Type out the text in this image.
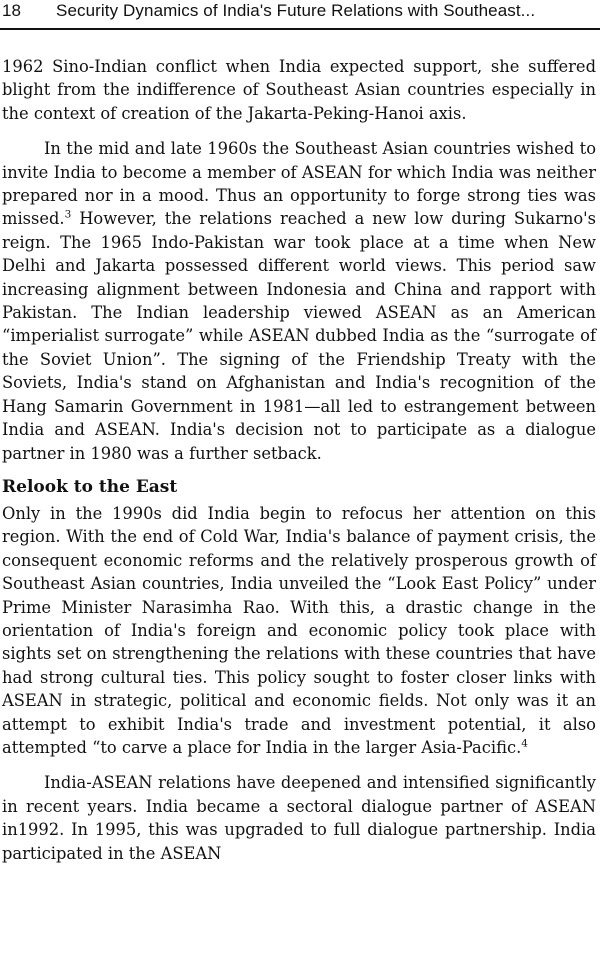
18 Security Dynamics of India's Future Relations with Southeast...

1962 Sino-Indian conflict when India expected support, she suffered blight from the indifference of Southeast Asian countries especially in the context of creation of the Jakarta-Peking-Hanoi axis.

In the mid and late 1960s the Southeast Asian countries wished to invite India to become a member of ASEAN for which India was neither prepared nor in a mood. Thus an opportunity to forge strong ties was missed.$^3$ However, the relations reached a new low during Sukarno's reign. The 1965 Indo-Pakistan war took place at a time when New Delhi and Jakarta possessed different world views. This period saw increasing alignment between Indonesia and China and rapport with Pakistan. The Indian leadership viewed ASEAN as an American “imperialist surrogate” while ASEAN dubbed India as the “surrogate of the Soviet Union”. The signing of the Friendship Treaty with the Soviets, India's stand on Afghanistan and India's recognition of the Hang Samarin Government in 1981—all led to estrangement between India and ASEAN. India's decision not to participate as a dialogue partner in 1980 was a further setback.

Relook to the East

Only in the 1990s did India begin to refocus her attention on this region. With the end of Cold War, India's balance of payment crisis, the consequent economic reforms and the relatively prosperous growth of Southeast Asian countries, India unveiled the “Look East Policy” under Prime Minister Narasimha Rao. With this, a drastic change in the orientation of India's foreign and economic policy took place with sights set on strengthening the relations with these countries that have had strong cultural ties. This policy sought to foster closer links with ASEAN in strategic, political and economic fields. Not only was it an attempt to exhibit India's trade and investment potential, it also attempted “to carve a place for India in the larger Asia-Pacific.$^4$

India-ASEAN relations have deepened and intensified significantly in recent years. India became a sectoral dialogue partner of ASEAN in1992. In 1995, this was upgraded to full dialogue partnership. India participated in the ASEAN
